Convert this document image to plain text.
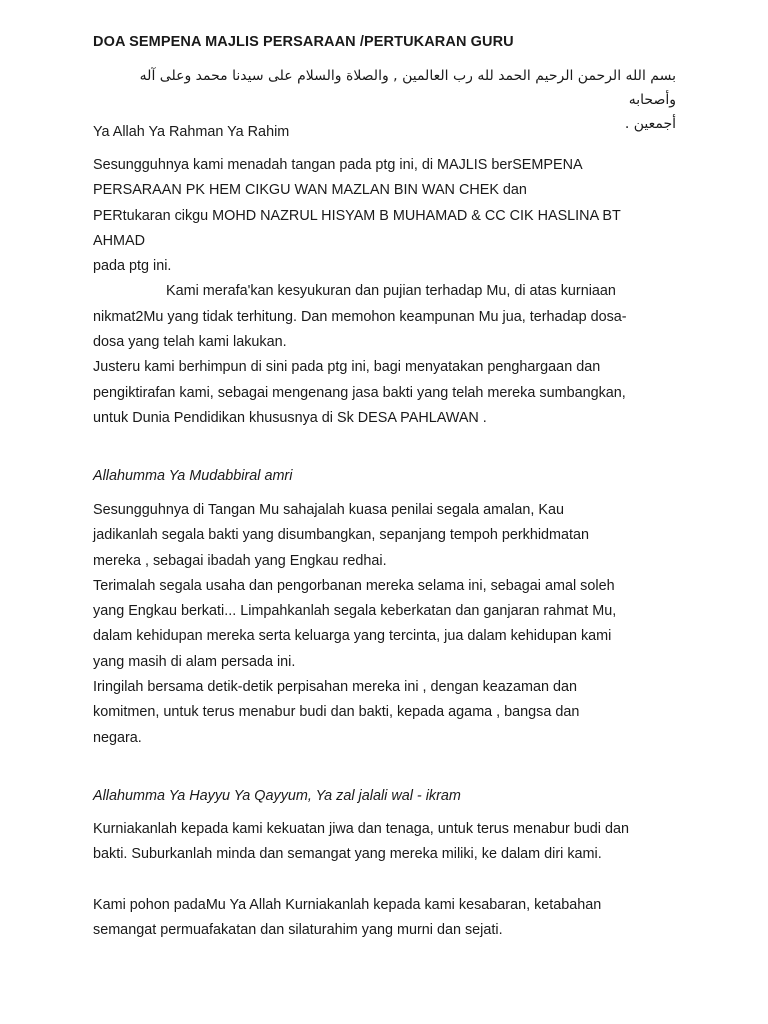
DOA SEMPENA MAJLIS PERSARAAN /PERTUKARAN GURU
بسم الله الرحمن الرحيم الحمد لله رب العالمين , والصلاة والسلام على سيدنا محمد وعلى آله وأصحابه
أجمعين .
Ya Allah Ya Rahman Ya Rahim
Sesungguhnya kami menadah tangan pada ptg ini, di MAJLIS berSEMPENA
PERSARAAN PK HEM CIKGU WAN MAZLAN BIN WAN CHEK dan
PERtukaran cikgu MOHD NAZRUL HISYAM B MUHAMAD & CC CIK HASLINA BT
AHMAD
pada ptg ini.
Kami merafa'kan kesyukuran dan pujian terhadap Mu, di atas kurniaan
nikmat2Mu yang tidak terhitung. Dan memohon keampunan Mu jua, terhadap dosa-
dosa yang telah kami lakukan.
Justeru kami berhimpun di sini pada ptg ini, bagi menyatakan penghargaan dan
pengiktirafan kami, sebagai mengenang jasa bakti yang telah mereka sumbangkan,
untuk Dunia Pendidikan khususnya di Sk DESA PAHLAWAN .
Allahumma Ya Mudabbiral amri
Sesungguhnya di Tangan Mu sahajalah kuasa penilai segala amalan, Kau
jadikanlah segala bakti yang disumbangkan, sepanjang tempoh perkhidmatan
mereka , sebagai ibadah yang Engkau redhai.
Terimalah segala usaha dan pengorbanan mereka selama ini, sebagai amal soleh
yang Engkau berkati... Limpahkanlah segala keberkatan dan ganjaran rahmat Mu,
dalam kehidupan mereka serta keluarga yang tercinta, jua dalam kehidupan kami
yang masih di alam persada ini.
Iringilah bersama detik-detik perpisahan mereka ini , dengan keazaman dan
komitmen, untuk terus menabur budi dan bakti, kepada agama , bangsa dan
negara.
Allahumma Ya Hayyu Ya Qayyum, Ya zal jalali wal - ikram
Kurniakanlah kepada kami kekuatan jiwa dan tenaga, untuk terus menabur budi dan
bakti. Suburkanlah minda dan semangat yang mereka miliki, ke dalam diri kami.
Kami pohon padaMu Ya Allah Kurniakanlah kepada kami kesabaran, ketabahan
semangat permuafakatan dan silaturahim yang murni dan sejati.
